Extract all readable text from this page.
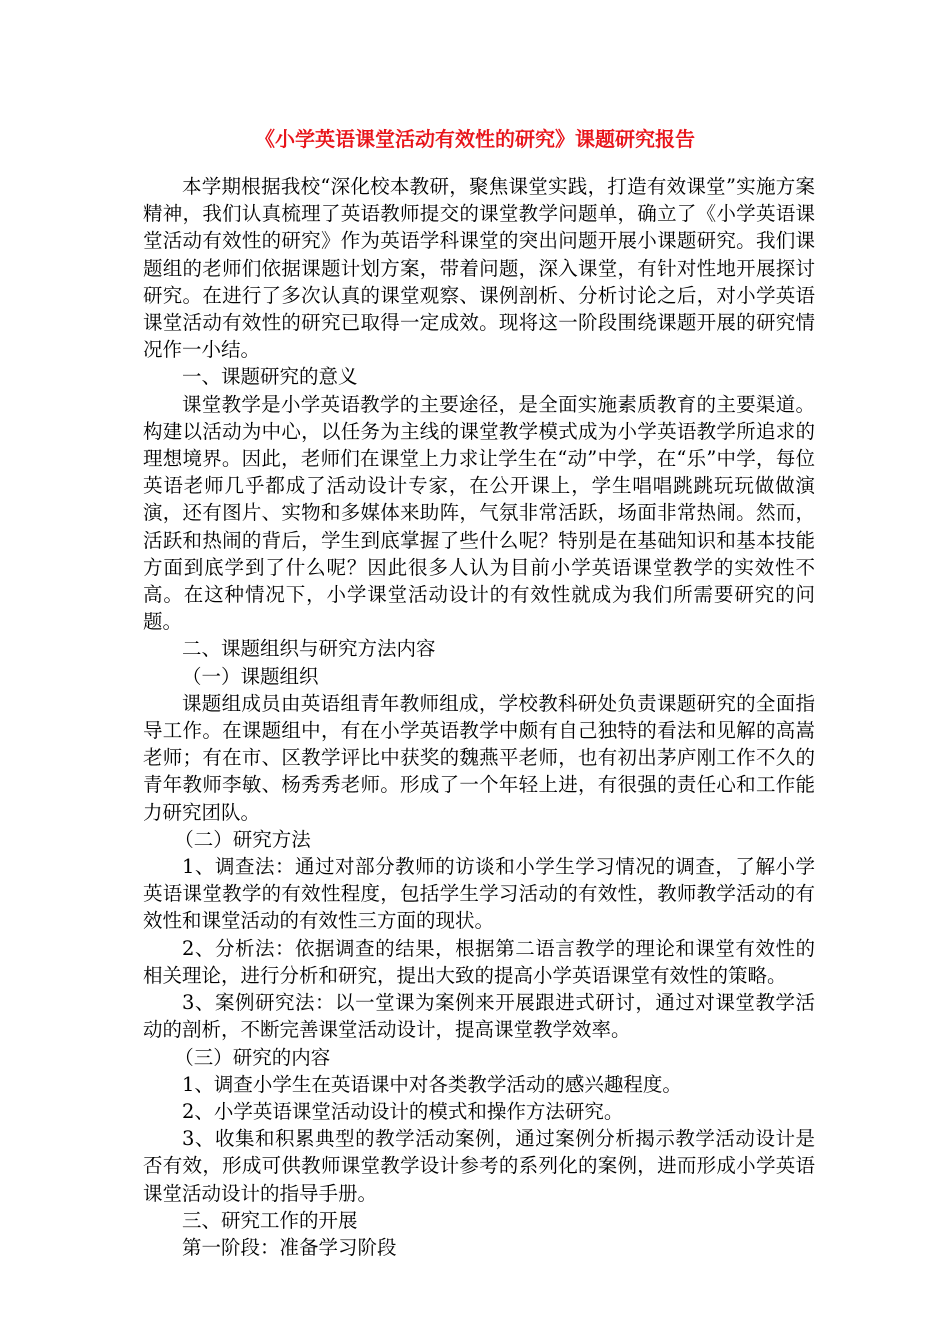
《小学英语课堂活动有效性的研究》课题研究报告

本学期根据我校“深化校本教研，聚焦课堂实践，打造有效课堂”实施方案精神，我们认真梳理了英语教师提交的课堂教学问题单，确立了《小学英语课堂活动有效性的研究》作为英语学科课堂的突出问题开展小课题研究。我们课题组的老师们依据课题计划方案，带着问题，深入课堂，有针对性地开展探讨研究。在进行了多次认真的课堂观察、课例剖析、分析讨论之后，对小学英语课堂活动有效性的研究已取得一定成效。现将这一阶段围绕课题开展的研究情况作一小结。

一、课题研究的意义

课堂教学是小学英语教学的主要途径，是全面实施素质教育的主要渠道。构建以活动为中心，以任务为主线的课堂教学模式成为小学英语教学所追求的理想境界。因此，老师们在课堂上力求让学生在“动”中学，在“乐”中学，每位英语老师几乎都成了活动设计专家，在公开课上，学生唱唱跳跳玩玩做做演演，还有图片、实物和多媒体来助阵，气氛非常活跃，场面非常热闹。然而，活跃和热闹的背后，学生到底掌握了些什么呢？特别是在基础知识和基本技能方面到底学到了什么呢？因此很多人认为目前小学英语课堂教学的实效性不高。在这种情况下，小学课堂活动设计的有效性就成为我们所需要研究的问题。

二、课题组织与研究方法内容

（一）课题组织

课题组成员由英语组青年教师组成，学校教科研处负责课题研究的全面指导工作。在课题组中，有在小学英语教学中颇有自己独特的看法和见解的高嵩老师；有在市、区教学评比中获奖的魏燕平老师，也有初出茅庐刚工作不久的青年教师李敏、杨秀秀老师。形成了一个年轻上进，有很强的责任心和工作能力研究团队。

（二）研究方法

1、调查法：通过对部分教师的访谈和小学生学习情况的调查，了解小学英语课堂教学的有效性程度，包括学生学习活动的有效性，教师教学活动的有效性和课堂活动的有效性三方面的现状。

2、分析法：依据调查的结果，根据第二语言教学的理论和课堂有效性的相关理论，进行分析和研究，提出大致的提高小学英语课堂有效性的策略。

3、案例研究法：以一堂课为案例来开展跟进式研讨，通过对课堂教学活动的剖析，不断完善课堂活动设计，提高课堂教学效率。

（三）研究的内容

1、调查小学生在英语课中对各类教学活动的感兴趣程度。

2、小学英语课堂活动设计的模式和操作方法研究。

3、收集和积累典型的教学活动案例，通过案例分析揭示教学活动设计是否有效，形成可供教师课堂教学设计参考的系列化的案例，进而形成小学英语课堂活动设计的指导手册。

三、研究工作的开展

第一阶段：准备学习阶段
